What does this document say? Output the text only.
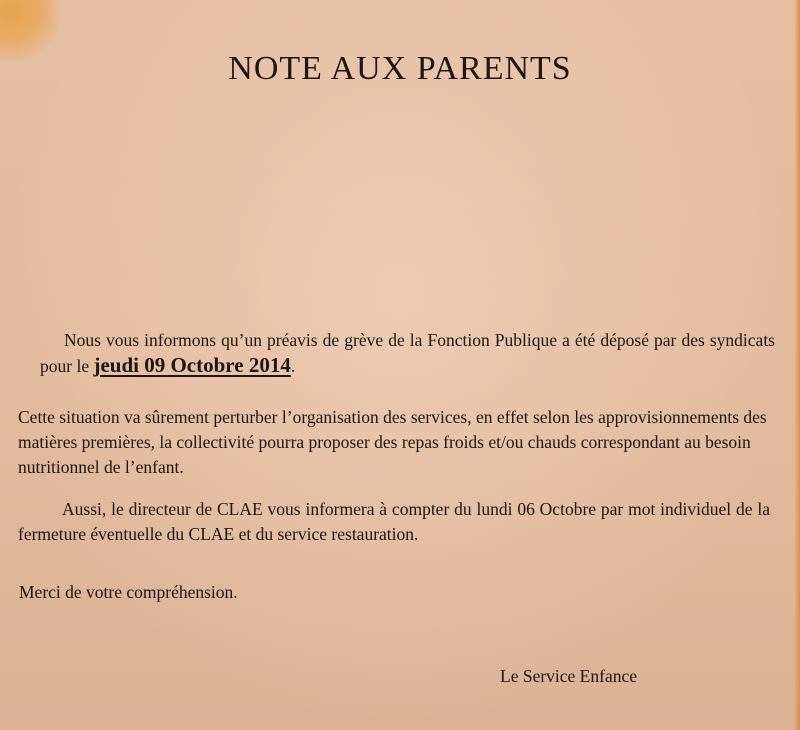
NOTE AUX PARENTS

Nous vous informons qu’un préavis de grève de la Fonction Publique a été déposé par des syndicats pour le jeudi 09 Octobre 2014.

Cette situation va sûrement perturber l’organisation des services, en effet selon les approvisionnements des matières premières, la collectivité pourra proposer des repas froids et/ou chauds correspondant au besoin nutritionnel de l’enfant.

Aussi, le directeur de CLAE vous informera à compter du lundi 06 Octobre par mot individuel de la fermeture éventuelle du CLAE et du service restauration.

Merci de votre compréhension.

Le Service Enfance
